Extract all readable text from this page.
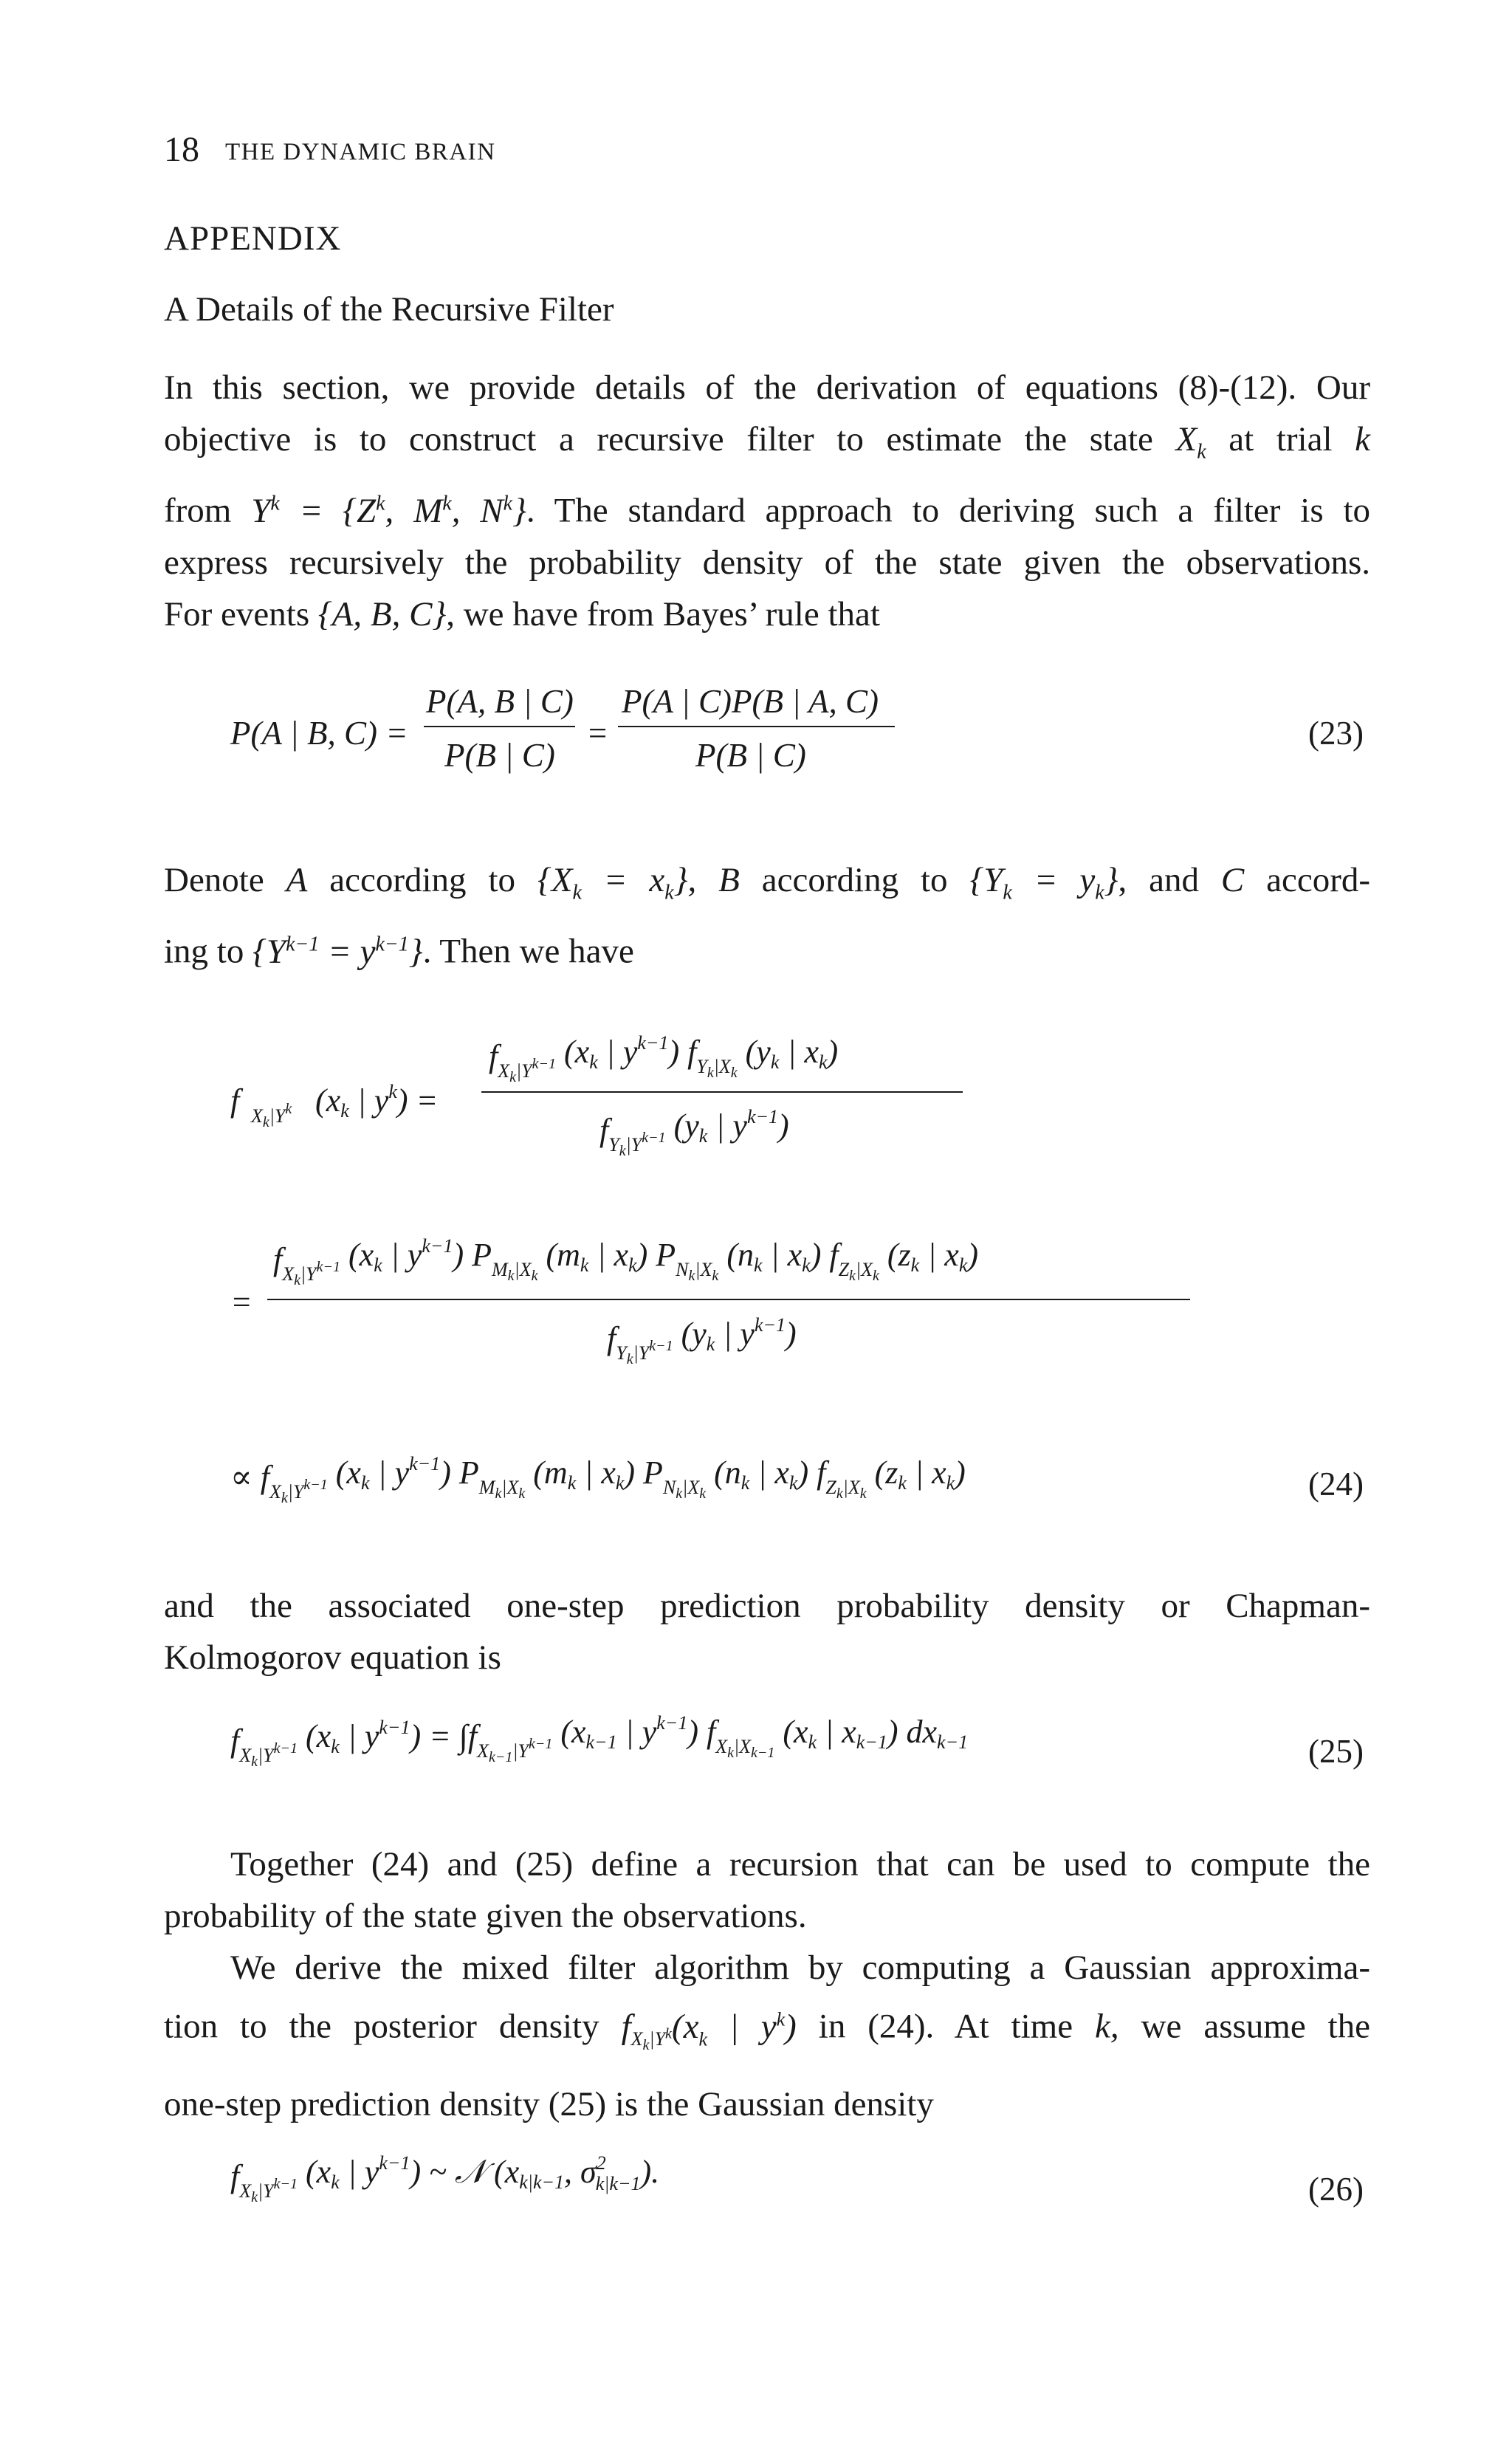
18 THE DYNAMIC BRAIN
APPENDIX
A Details of the Recursive Filter
In this section, we provide details of the derivation of equations (8)-(12). Our
objective is to construct a recursive filter to estimate the state $X_k$ at trial k
from $Y^k = \{Z^k$, $M^k$, $N^k$}. The standard approach to deriving such a filter is to
express recursively the probability density of the state given the observations.
For events {A, B, C}, we have from Bayes’ rule that
P(A | B, C) =
P(A, B | C)
P(B | C)
=
P(A | C)P(B | A, C)
P(B | C)
(23)
Denote A according to $\{X_k = x_k\}$, B according to $\{Y_k = y_k\}$, and C accord-
ing to $\{Y^{k-1} = y^{k-1}\}$. Then we have
f $X_k|Y^k$ (xk | $y^k$) =
$f_Xk|Y^{k-1}$ (xk | $y^{k-1}$) $f_Yk|Xk$ (yk | xk)
$f_Yk|Y^{k-1}$ (yk | $y^{k-1}$)
=
$f_Xk|Y^{k-1}$ (xk | $y^{k-1}$) $P_Mk|Xk$ (mk | xk) $P_Nk|Xk$ (nk | xk) $f_Zk|Xk$ (zk | xk)
$f_Yk|Y^{k-1}$ (yk | $y^{k-1}$)
∝ $f_Xk|Y^{k-1}$ (xk | $y^{k-1}$) $P_Mk|Xk$ (mk | xk) $P_Nk|Xk$ (nk | xk) $f_Zk|Xk$ (zk | xk)	(24)
and the associated one-step prediction probability density or Chapman-
Kolmogorov equation is
$f_Xk|Y^{k-1}$ (xk | $y^{k-1}) = \int f_Xk-1|Y^{k-1}$ (xk−1 | $y^{k-1}$) $f_Xk|Xk-1$ (xk | xk−1) dxk−1	(25)
Together (24) and (25) define a recursion that can be used to compute the
probability of the state given the observations.
We derive the mixed filter algorithm by computing a Gaussian approxima-
tion to the posterior density $f_{X_k|Y^k}(x_k$ | $y^k$) in (24). At time k, we assume the
one-step prediction density (25) is the Gaussian density
$f_Xk|Y^{k-1}$ (xk | $y^{k-1}$) ~ 𝒩 (xk|k−1, $\sigma^2$ k|k−1).	(26)
